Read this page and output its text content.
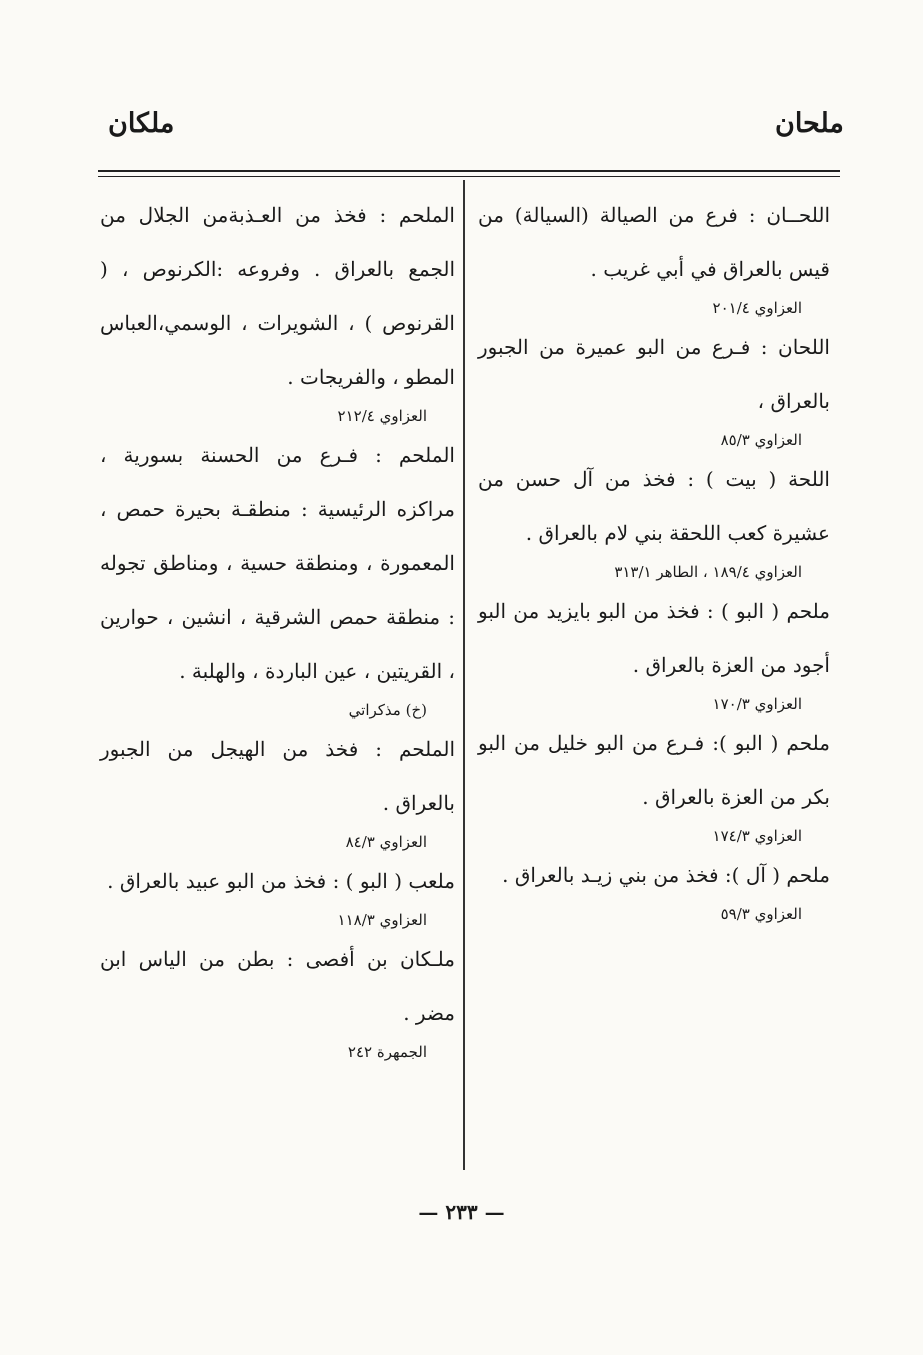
ملحان
ملكان

اللحــان : فرع من الصيالة (السيالة) من قيس بالعراق في أبي غريب .

العزاوي ٢٠١/٤

اللحان : فـرع من البو عميرة من الجبور بالعراق ،

العزاوي ٨٥/٣

اللحة ( بيت ) : فخذ من آل حسن من عشيرة كعب اللحقة بني لام بالعراق .

العزاوي ١٨٩/٤ ، الطاهر ٣١٣/١

ملحم ( البو ) : فخذ من البو بايزيد من البو أجود من العزة بالعراق .

العزاوي ١٧٠/٣

ملحم ( البو ): فـرع من البو خليل من البو بكر من العزة بالعراق .

العزاوي ١٧٤/٣

ملحم ( آل ): فخذ من بني زيـد بالعراق .

العزاوي ٥٩/٣

الملحم : فخذ من العـذبةمن الجلال من الجمع بالعراق . وفروعه :الكرنوص ، ( القرنوص ) ، الشويرات ، الوسمي،العباس المطو ، والفريجات .

العزاوي ٢١٢/٤

الملحم : فـرع من الحسنة بسورية ، مراكزه الرئيسية : منطقـة بحيرة حمص ، المعمورة ، ومنطقة حسية ، ومناطق تجوله : منطقة حمص الشرقية ، انشين ، حوارين ، القريتين ، عين الباردة ، والهلبة .

(خ) مذكراتي

الملحم : فخذ من الهيجل من الجبور بالعراق .

العزاوي ٨٤/٣

ملعب ( البو ) : فخذ من البو عبيد بالعراق .

العزاوي ١١٨/٣

ملـكان بن أفصى : بطن من الياس ابن مضر .

الجمهرة ٢٤٢

— ٢٣٣ —
